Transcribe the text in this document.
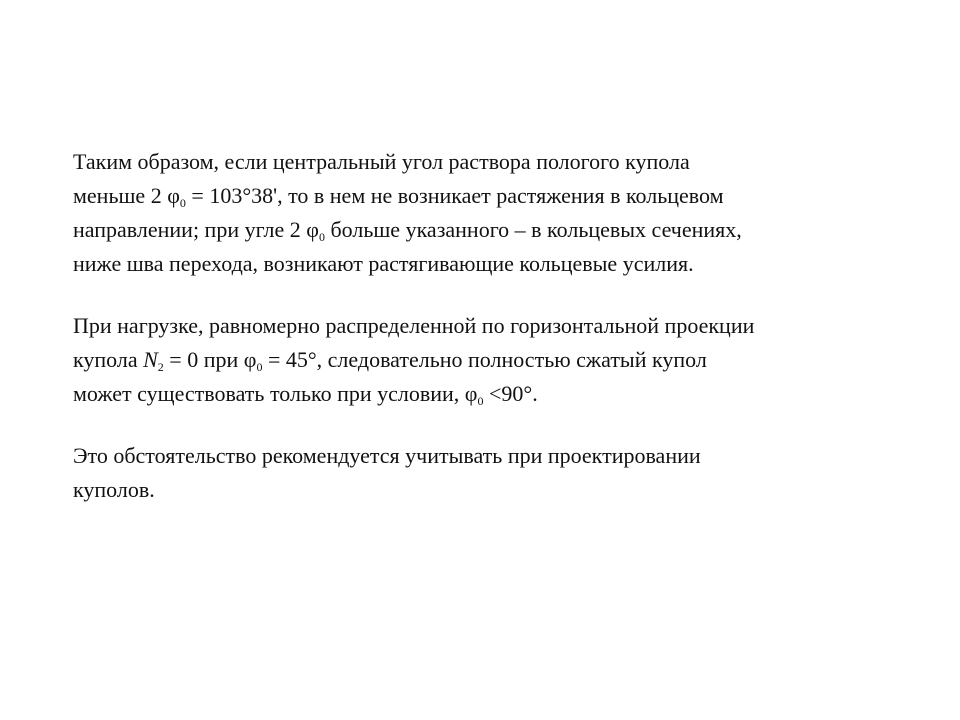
Таким образом, если центральный угол раствора пологого купола
меньше 2 $\varphi_0 = 103^\circ 38'$, то в нем не возникает растяжения в кольцевом
направлении; при угле 2 $\varphi_0$ больше указанного – в кольцевых сечениях,
ниже шва перехода, возникают растягивающие кольцевые усилия.

При нагрузке, равномерно распределенной по горизонтальной проекции
купола $N_2 = 0$ при $\varphi_0 = 45^\circ$, следовательно полностью сжатый купол
может существовать только при условии, $\varphi_0 <90^\circ$.

Это обстоятельство рекомендуется учитывать при проектировании
куполов.
